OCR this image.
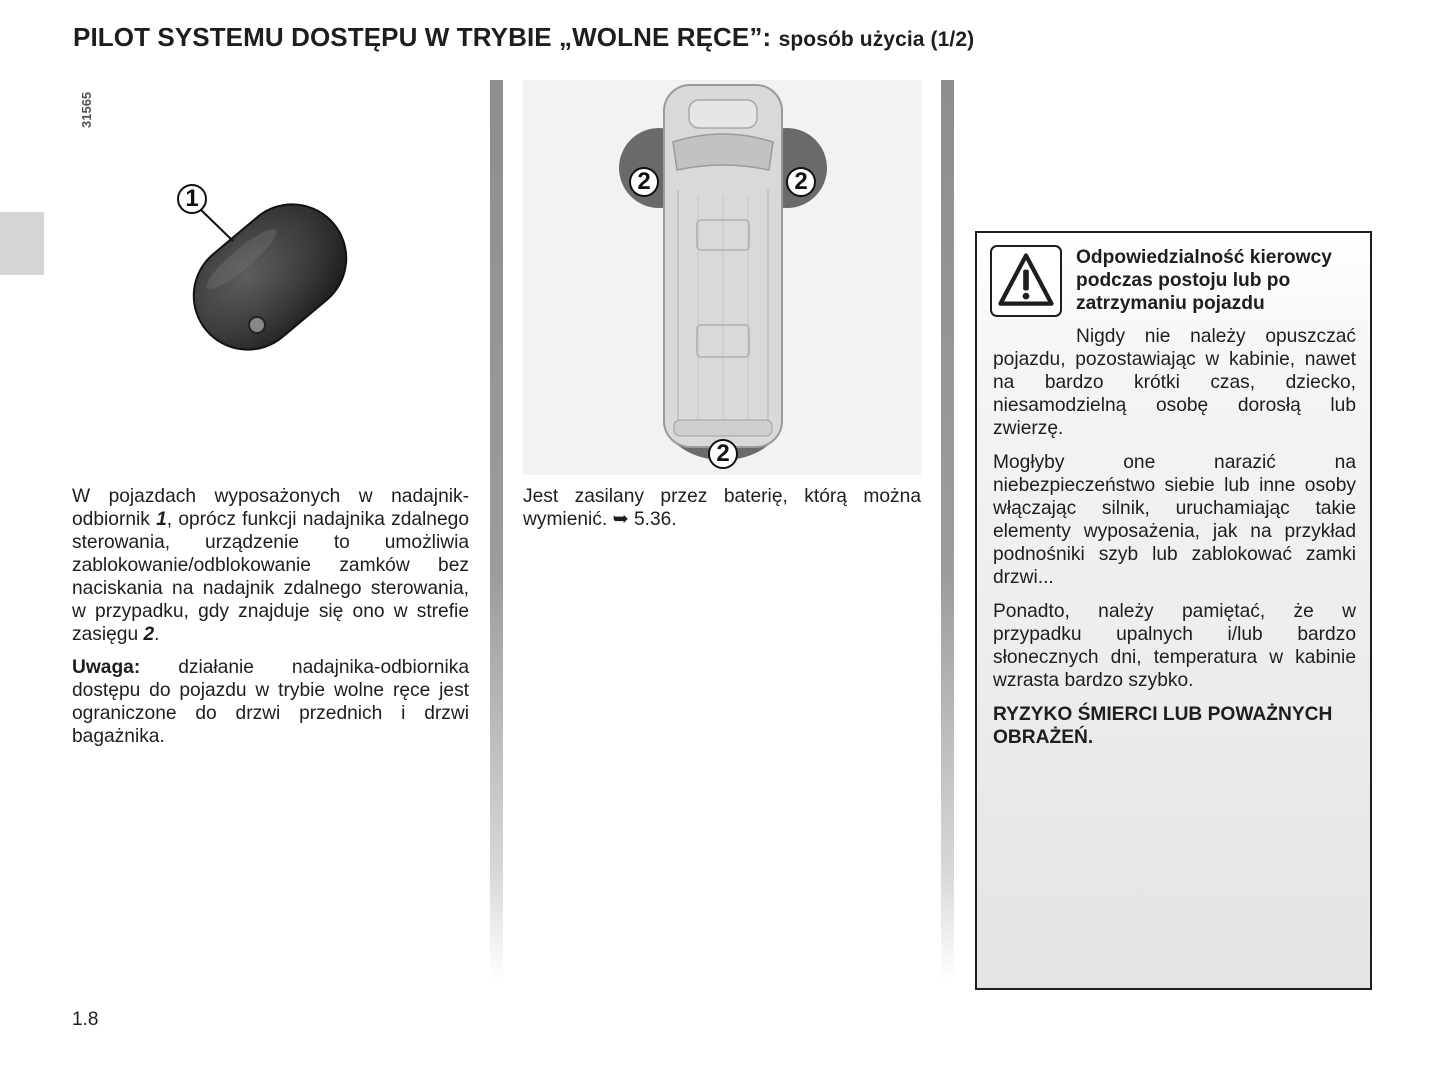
PILOT SYSTEMU DOSTĘPU W TRYBIE „WOLNE RĘCE”: sposób użycia (1/2)
31565
1
2	2
2

W pojazdach wyposażonych w nadajnik-odbiornik 1, oprócz funkcji nadajnika zdalnego sterowania, urządzenie to umożliwia zablokowanie/odblokowanie zamków bez naciskania na nadajnik zdalnego sterowania, w przypadku, gdy znajduje się ono w strefie zasięgu 2.

Uwaga: działanie nadajnika-odbiornika dostępu do pojazdu w trybie wolne ręce jest ograniczone do drzwi przednich i drzwi bagażnika.

Jest zasilany przez baterię, którą można wymienić. ➥ 5.36.

Odpowiedzialność kierowcy podczas postoju lub po zatrzymaniu pojazdu

Nigdy nie należy opuszczać pojazdu, pozostawiając w kabinie, nawet na bardzo krótki czas, dziecko, niesamodzielną osobę dorosłą lub zwierzę.

Mogłyby one narazić na niebezpieczeństwo siebie lub inne osoby włączając silnik, uruchamiając takie elementy wyposażenia, jak na przykład podnośniki szyb lub zablokować zamki drzwi...

Ponadto, należy pamiętać, że w przypadku upalnych i/lub bardzo słonecznych dni, temperatura w kabinie wzrasta bardzo szybko.

RYZYKO ŚMIERCI LUB POWAŻNYCH OBRAŻEŃ.

1.8
